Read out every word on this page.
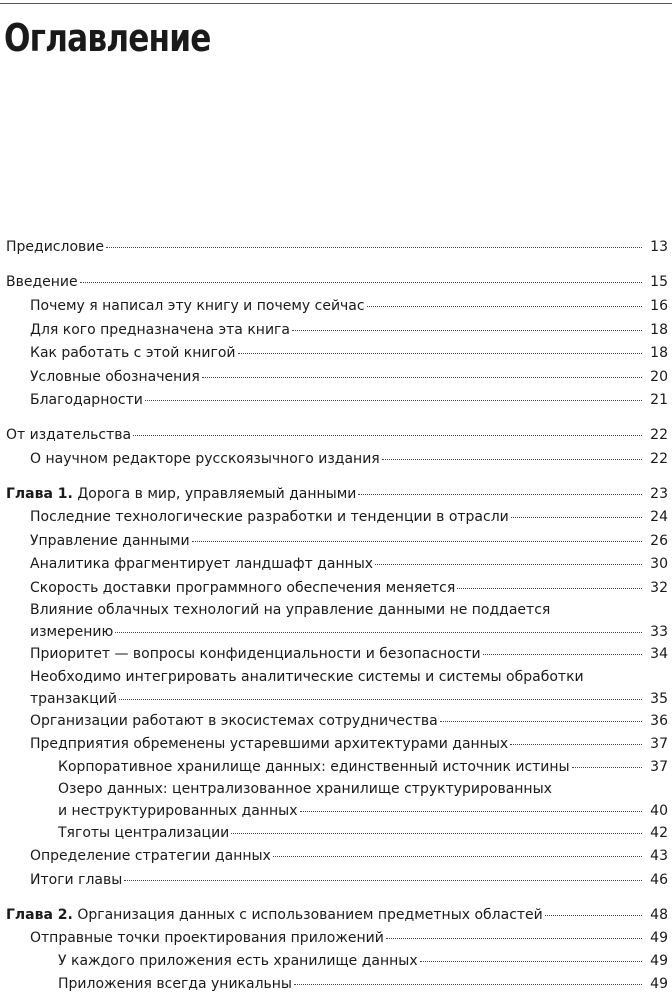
Оглавление
Предисловие	13
Введение	15
Почему я написал эту книгу и почему сейчас	16
Для кого предназначена эта книга	18
Как работать с этой книгой	18
Условные обозначения	20
Благодарности	21
От издательства	22
О научном редакторе русскоязычного издания	22
Глава 1. Дорога в мир, управляемый данными	23
Последние технологические разработки и тенденции в отрасли	24
Управление данными	26
Аналитика фрагментирует ландшафт данных	30
Скорость доставки программного обеспечения меняется	32
Влияние облачных технологий на управление данными не поддается
измерению	33
Приоритет — вопросы конфиденциальности и безопасности	34
Необходимо интегрировать аналитические системы и системы обработки
транзакций	35
Организации работают в экосистемах сотрудничества	36
Предприятия обременены устаревшими архитектурами данных	37
Корпоративное хранилище данных: единственный источник истины	37
Озеро данных: централизованное хранилище структурированных
и неструктурированных данных	40
Тяготы централизации	42
Определение стратегии данных	43
Итоги главы	46
Глава 2. Организация данных с использованием предметных областей	48
Отправные точки проектирования приложений	49
У каждого приложения есть хранилище данных	49
Приложения всегда уникальны	49
